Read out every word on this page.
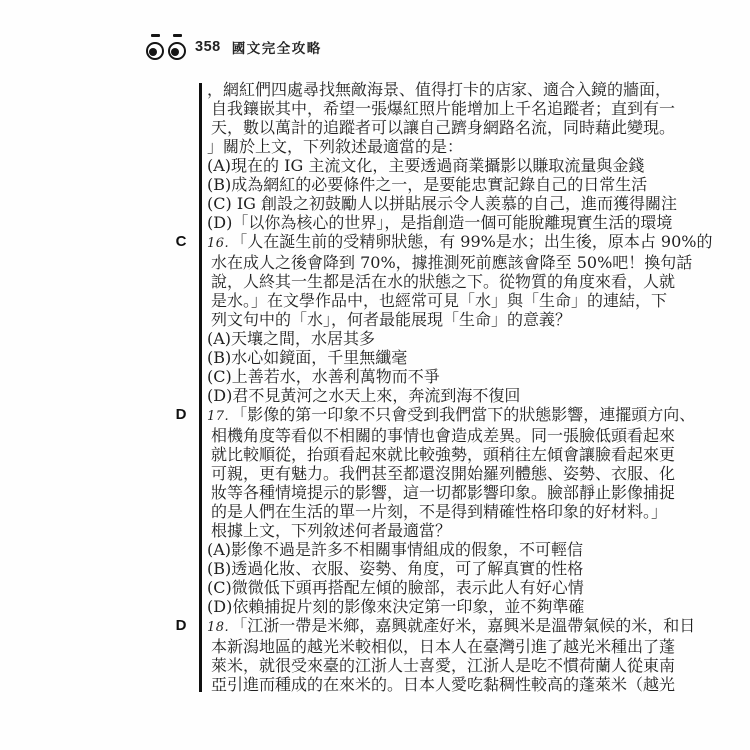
358 國文完全攻略
，網紅們四處尋找無敵海景、值得打卡的店家、適合入鏡的牆面，
自我鑲嵌其中，希望一張爆紅照片能增加上千名追蹤者；直到有一
天，數以萬計的追蹤者可以讓自己躋身網路名流，同時藉此變現。
」關於上文，下列敘述最適當的是：
(A)現在的 IG 主流文化，主要透過商業攝影以賺取流量與金錢
(B)成為網紅的必要條件之一，是要能忠實記錄自己的日常生活
(C) IG 創設之初鼓勵人以拼貼展示令人羨慕的自己，進而獲得關注
(D)「以你為核心的世界」，是指創造一個可能脫離現實生活的環境
C	16. 「人在誕生前的受精卵狀態，有 99%是水；出生後，原本占 90%的
水在成人之後會降到 70%，據推測死前應該會降至 50%吧！換句話
說，人終其一生都是活在水的狀態之下。從物質的角度來看，人就
是水。」在文學作品中，也經常可見「水」與「生命」的連結，下
列文句中的「水」，何者最能展現「生命」的意義？
(A)天壤之間，水居其多
(B)水心如鏡面，千里無纖毫
(C)上善若水，水善利萬物而不爭
(D)君不見黃河之水天上來，奔流到海不復回
D	17. 「影像的第一印象不只會受到我們當下的狀態影響，連擺頭方向、
相機角度等看似不相關的事情也會造成差異。同一張臉低頭看起來
就比較順從，抬頭看起來就比較強勢，頭稍往左傾會讓臉看起來更
可親，更有魅力。我們甚至都還沒開始羅列體態、姿勢、衣服、化
妝等各種情境提示的影響，這一切都影響印象。臉部靜止影像捕捉
的是人們在生活的單一片刻，不是得到精確性格印象的好材料。」
根據上文，下列敘述何者最適當？
(A)影像不過是許多不相關事情組成的假象，不可輕信
(B)透過化妝、衣服、姿勢、角度，可了解真實的性格
(C)微微低下頭再搭配左傾的臉部，表示此人有好心情
(D)依賴捕捉片刻的影像來決定第一印象，並不夠準確
D	18. 「江浙一帶是米鄉，嘉興就產好米，嘉興米是溫帶氣候的米，和日
本新潟地區的越光米較相似，日本人在臺灣引進了越光米種出了蓬
萊米，就很受來臺的江浙人士喜愛，江浙人是吃不慣荷蘭人從東南
亞引進而種成的在來米的。日本人愛吃黏稠性較高的蓬萊米（越光
